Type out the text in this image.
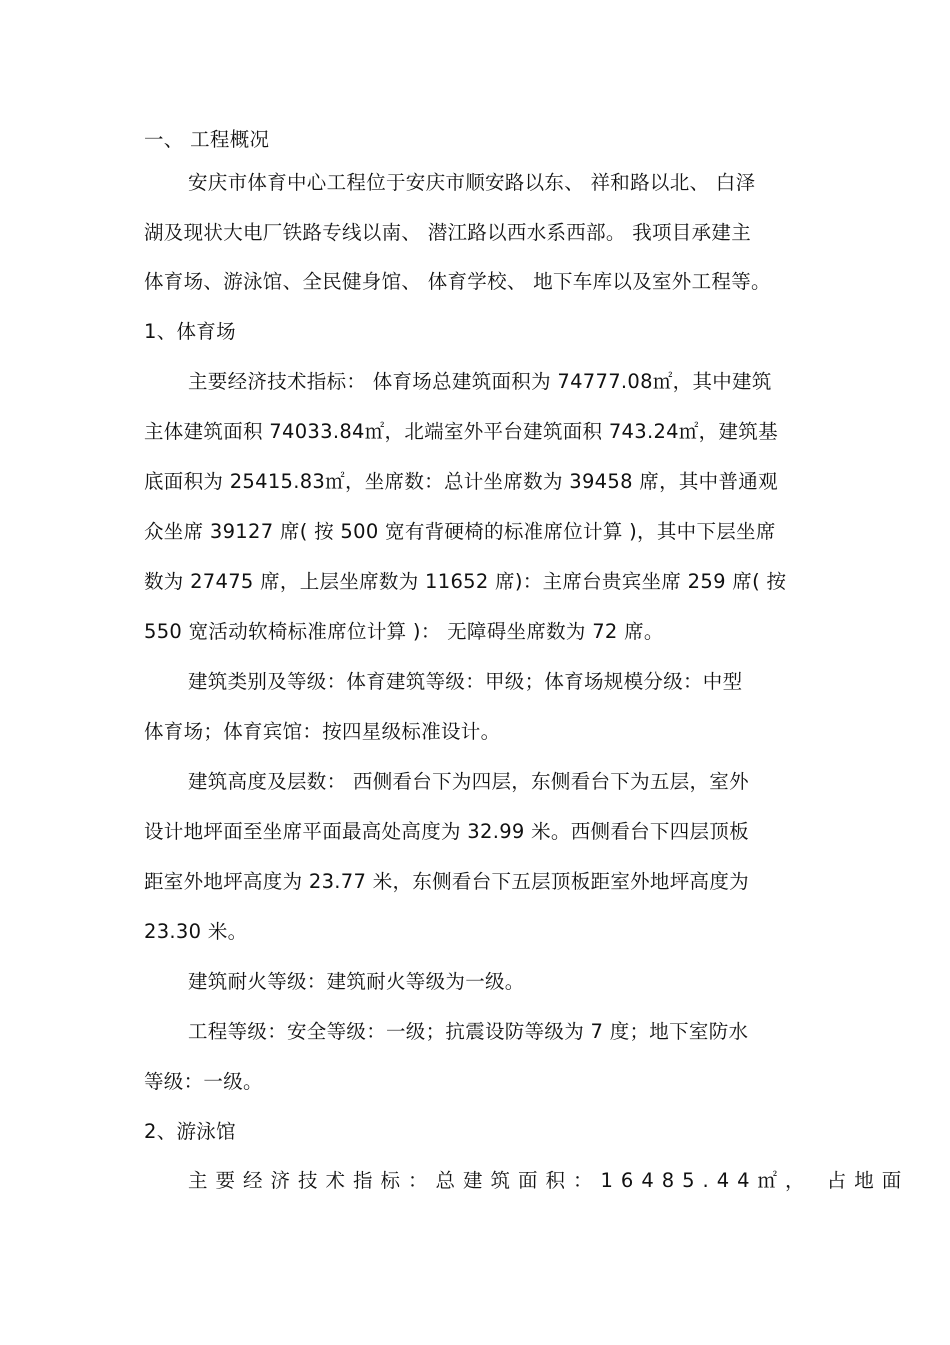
一、 工程概况
安庆市体育中心工程位于安庆市顺安路以东、 祥和路以北、 白泽
湖及现状大电厂铁路专线以南、 潜江路以西水系西部。 我项目承建主
体育场、游泳馆、全民健身馆、 体育学校、 地下车库以及室外工程等。
1、体育场
主要经济技术指标： 体育场总建筑面积为 74777.08㎡，其中建筑
主体建筑面积 74033.84㎡，北端室外平台建筑面积 743.24㎡，建筑基
底面积为 25415.83㎡，坐席数：总计坐席数为 39458 席，其中普通观
众坐席 39127 席( 按 500 宽有背硬椅的标准席位计算 )，其中下层坐席
数为 27475 席，上层坐席数为 11652 席)：主席台贵宾坐席 259 席( 按
550 宽活动软椅标准席位计算 )： 无障碍坐席数为 72 席。
建筑类别及等级：体育建筑等级：甲级；体育场规模分级：中型
体育场；体育宾馆：按四星级标准设计。
建筑高度及层数： 西侧看台下为四层，东侧看台下为五层，室外
设计地坪面至坐席平面最高处高度为 32.99 米。西侧看台下四层顶板
距室外地坪高度为 23.77 米，东侧看台下五层顶板距室外地坪高度为
23.30 米。
建筑耐火等级：建筑耐火等级为一级。
工程等级：安全等级：一级；抗震设防等级为 7 度；地下室防水
等级：一级。
2、游泳馆
主要经济技术指标：总建筑面积：16485.44㎡， 占地面
